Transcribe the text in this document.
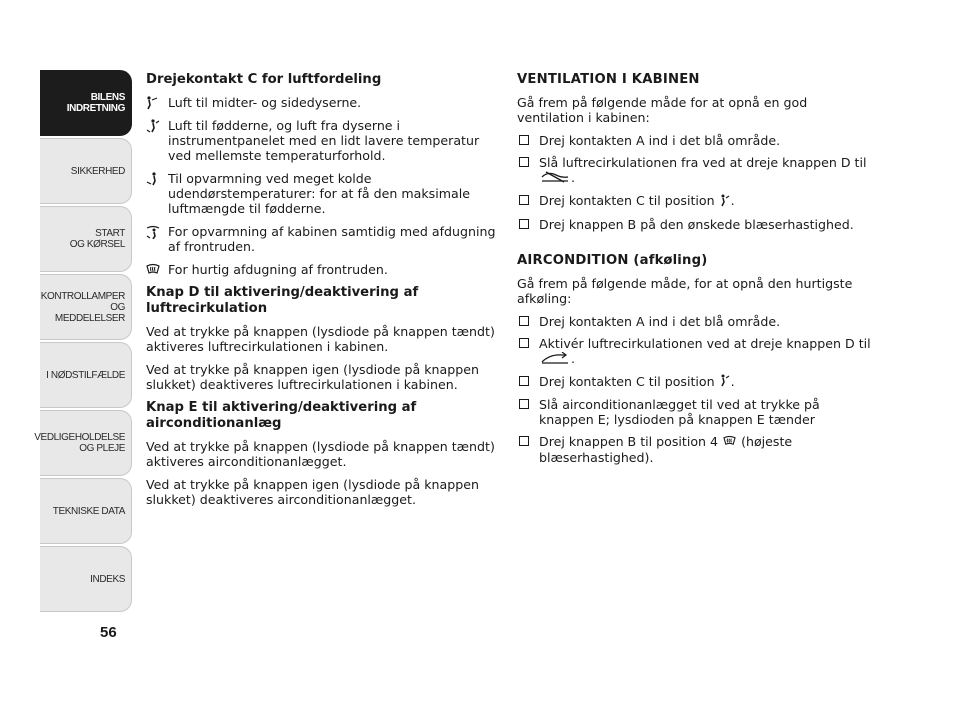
BILENS
INDRETNING
SIKKERHED
START
OG KØRSEL
KONTROLLAMPER
OG MEDDELELSER
I NØDSTILFÆLDE
VEDLIGEHOLDELSE
OG PLEJE
TEKNISKE DATA
INDEKS
56
Drejekontakt C for luftfordeling
Luft til midter- og sidedyserne.
Luft til fødderne, og luft fra dyserne i instrumentpanelet med en lidt lavere temperatur ved mellemste temperaturforhold.
Til opvarmning ved meget kolde udendørstemperaturer: for at få den maksimale luftmængde til fødderne.
For opvarmning af kabinen samtidig med afdugning af frontruden.
For hurtig afdugning af frontruden.
Knap D til aktivering/deaktivering af luftrecirkulation

Ved at trykke på knappen (lysdiode på knappen tændt) aktiveres luftrecirkulationen i kabinen.

Ved at trykke på knappen igen (lysdiode på knappen slukket) deaktiveres luftrecirkulationen i kabinen.

Knap E til aktivering/deaktivering af airconditionanlæg

Ved at trykke på knappen (lysdiode på knappen tændt) aktiveres airconditionanlægget.

Ved at trykke på knappen igen (lysdiode på knappen slukket) deaktiveres airconditionanlægget.

VENTILATION I KABINEN

Gå frem på følgende måde for at opnå en god ventilation i kabinen:

Drej kontakten A ind i det blå område.
Slå luftrecirkulationen fra ved at dreje knappen D til
.
Drej kontakten C til position .
Drej knappen B på den ønskede blæserhastighed.
AIRCONDITION (afkøling)

Gå frem på følgende måde, for at opnå den hurtigste afkøling:

Drej kontakten A ind i det blå område.
Aktivér luftrecirkulationen ved at dreje knappen D til
.
Drej kontakten C til position .
Slå airconditionanlægget til ved at trykke på knappen E; lysdioden på knappen E tænder
Drej knappen B til position 4 (højeste blæserhastighed).
